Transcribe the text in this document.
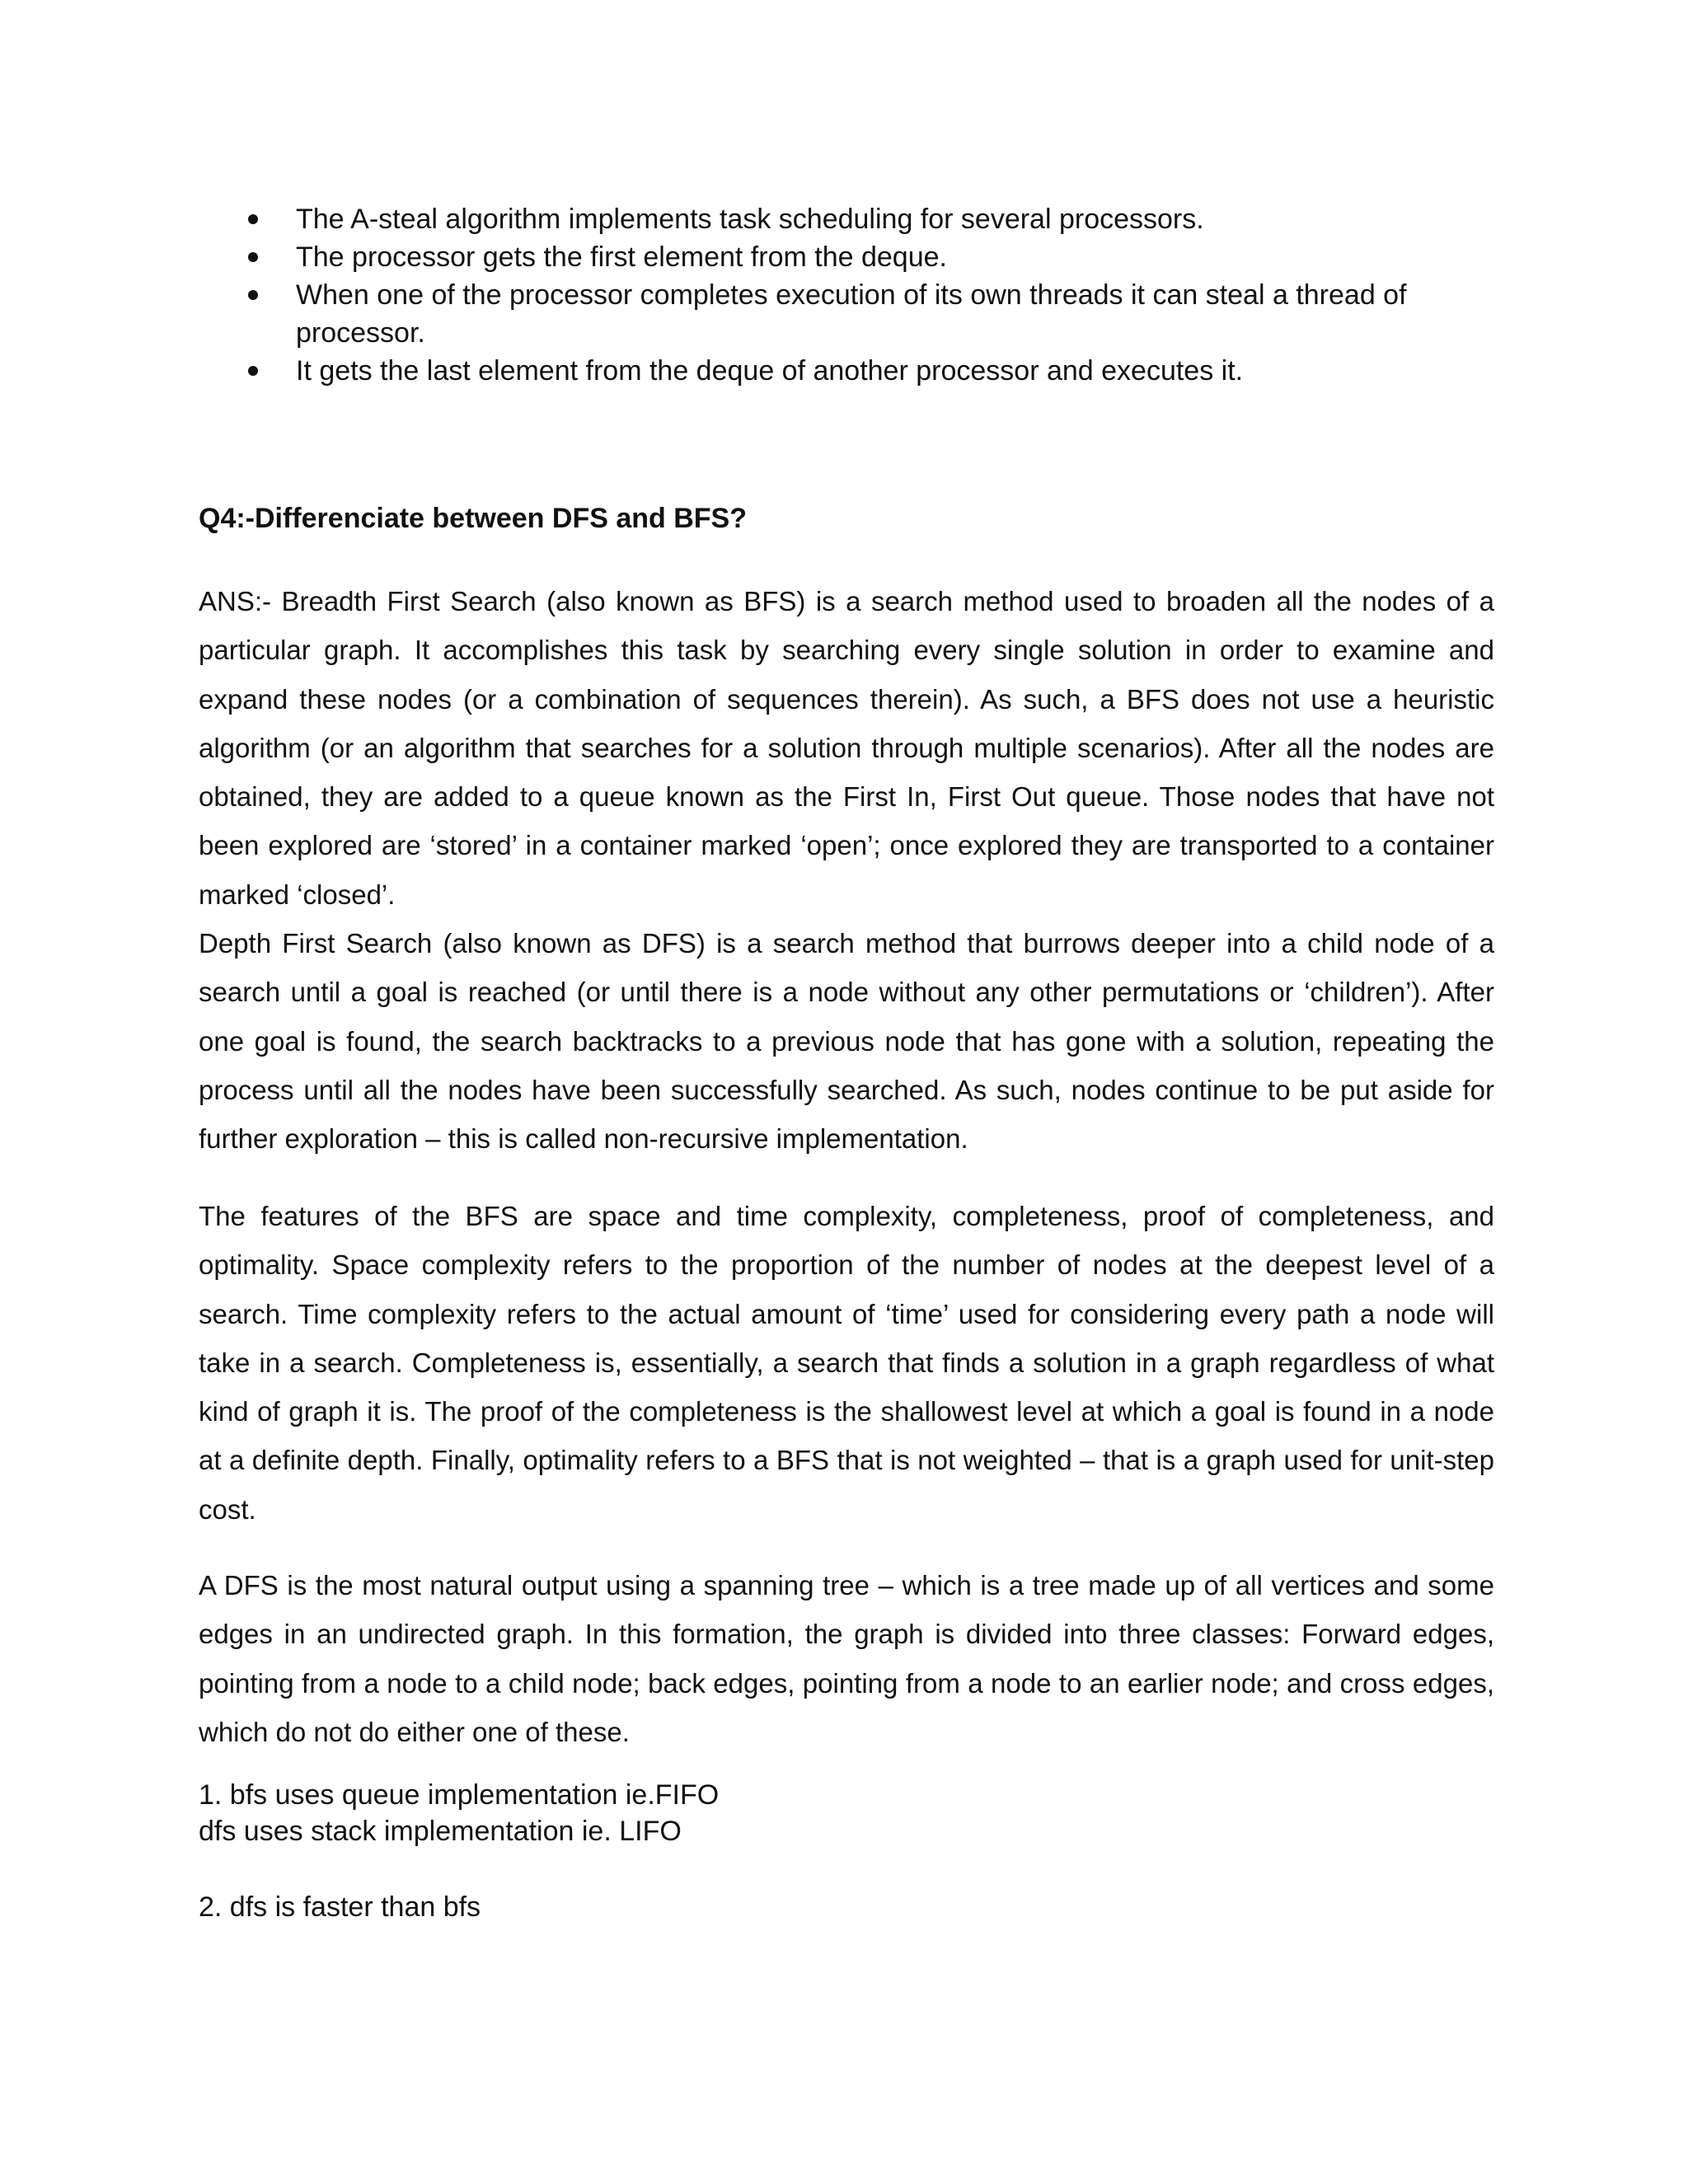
The A-steal algorithm implements task scheduling for several processors.
The processor gets the first element from the deque.
When one of the processor completes execution of its own threads it can steal a thread of processor.
It gets the last element from the deque of another processor and executes it.
Q4:-Differenciate between DFS and BFS?

ANS:- Breadth First Search (also known as BFS) is a search method used to broaden all the nodes of a particular graph. It accomplishes this task by searching every single solution in order to examine and expand these nodes (or a combination of sequences therein). As such, a BFS does not use a heuristic algorithm (or an algorithm that searches for a solution through multiple scenarios). After all the nodes are obtained, they are added to a queue known as the First In, First Out queue. Those nodes that have not been explored are ‘stored’ in a container marked ‘open’; once explored they are transported to a container marked ‘closed’.

Depth First Search (also known as DFS) is a search method that burrows deeper into a child node of a search until a goal is reached (or until there is a node without any other permutations or ‘children’). After one goal is found, the search backtracks to a previous node that has gone with a solution, repeating the process until all the nodes have been successfully searched. As such, nodes continue to be put aside for further exploration – this is called non-recursive implementation.

The features of the BFS are space and time complexity, completeness, proof of completeness, and optimality. Space complexity refers to the proportion of the number of nodes at the deepest level of a search. Time complexity refers to the actual amount of ‘time’ used for considering every path a node will take in a search. Completeness is, essentially, a search that finds a solution in a graph regardless of what kind of graph it is. The proof of the completeness is the shallowest level at which a goal is found in a node at a definite depth. Finally, optimality refers to a BFS that is not weighted – that is a graph used for unit-step cost.

A DFS is the most natural output using a spanning tree – which is a tree made up of all vertices and some edges in an undirected graph. In this formation, the graph is divided into three classes: Forward edges, pointing from a node to a child node; back edges, pointing from a node to an earlier node; and cross edges, which do not do either one of these.

1. bfs uses queue implementation ie.FIFO

dfs uses stack implementation ie. LIFO

2. dfs is faster than bfs
